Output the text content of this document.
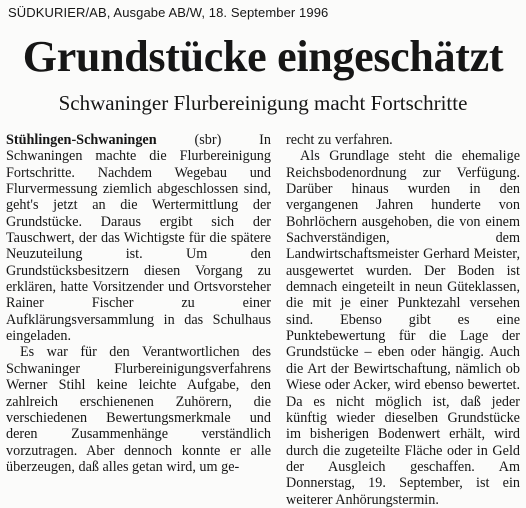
SÜDKURIER/AB, Ausgabe AB/W, 18. September 1996
Grundstücke eingeschätzt
Schwaninger Flurbereinigung macht Fortschritte

Stühlingen-Schwaningen (sbr) In Schwaningen machte die Flurbereinigung Fortschritte. Nachdem Wegebau und Flurvermessung ziemlich abgeschlossen sind, geht's jetzt an die Wertermittlung der Grundstücke. Daraus ergibt sich der Tauschwert, der das Wichtigste für die spätere Neuzuteilung ist. Um den Grundstücksbesitzern diesen Vorgang zu erklären, hatte Vorsitzender und Ortsvorsteher Rainer Fischer zu einer Aufklärungsversammlung in das Schulhaus eingeladen.

Es war für den Verantwortlichen des Schwaninger Flurbereinigungsverfahrens Werner Stihl keine leichte Aufgabe, den zahlreich erschienenen Zuhörern, die verschiedenen Bewertungsmerkmale und deren Zusammenhänge verständlich vorzutragen. Aber dennoch konnte er alle überzeugen, daß alles getan wird, um ge-

recht zu verfahren.

Als Grundlage steht die ehemalige Reichsbodenordnung zur Verfügung. Darüber hinaus wurden in den vergangenen Jahren hunderte von Bohrlöchern ausgehoben, die von einem Sachverständigen, dem Landwirtschaftsmeister Gerhard Meister, ausgewertet wurden. Der Boden ist demnach eingeteilt in neun Güteklassen, die mit je einer Punktezahl versehen sind. Ebenso gibt es eine Punktebewertung für die Lage der Grundstücke – eben oder hängig. Auch die Art der Bewirtschaftung, nämlich ob Wiese oder Acker, wird ebenso bewertet. Da es nicht möglich ist, daß jeder künftig wieder dieselben Grundstücke im bisherigen Bodenwert erhält, wird durch die zugeteilte Fläche oder in Geld der Ausgleich geschaffen. Am Donnerstag, 19. September, ist ein weiterer Anhörungstermin.
